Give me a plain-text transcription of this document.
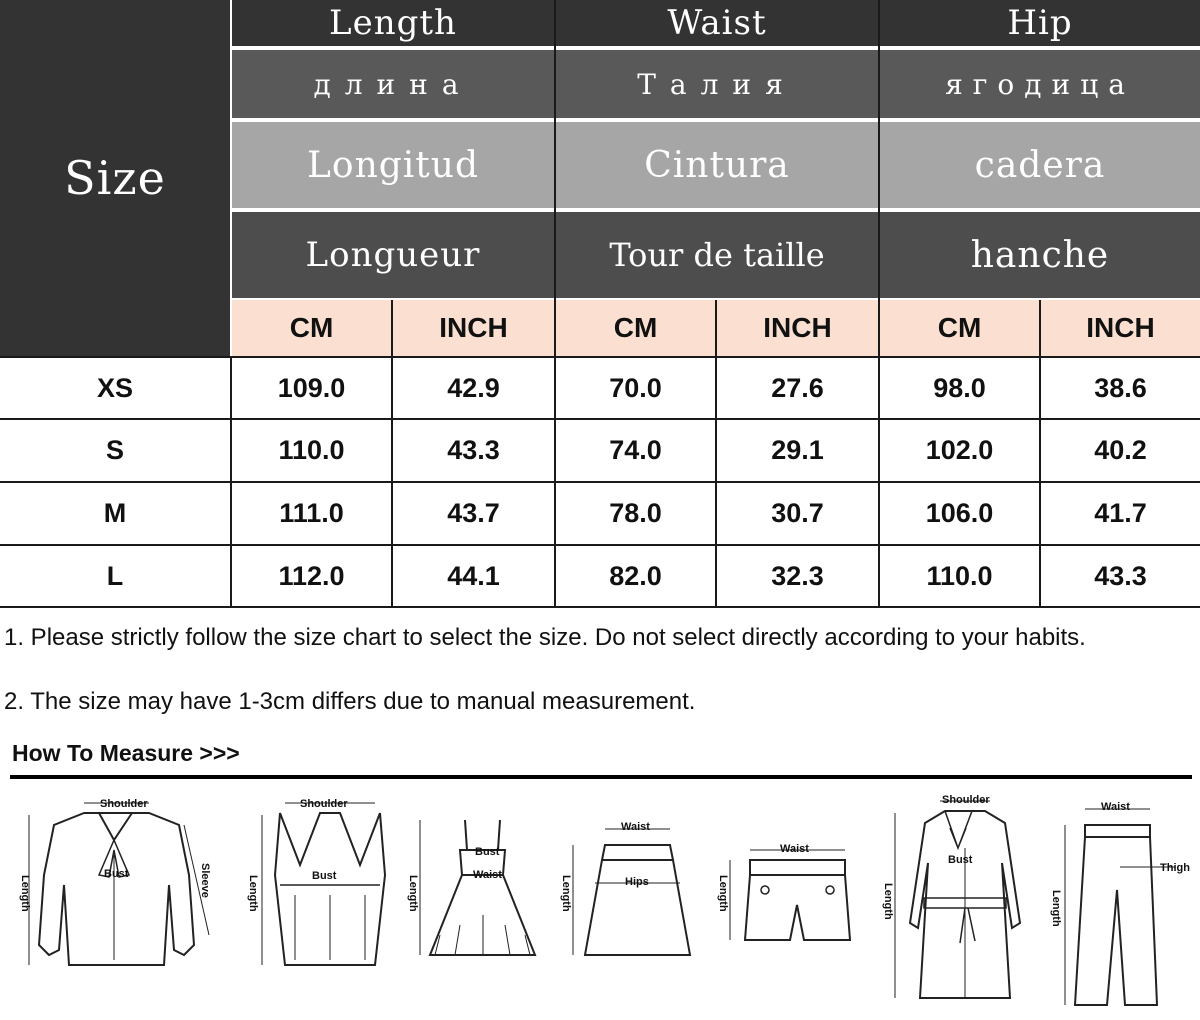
Size
Length	Waist	Hip
длина	Талия	ягодица
Longitud	Cintura	cadera
Longueur	Tour de taille	hanche
CM	INCH	CM	INCH	CM	INCH
XS	109.0	42.9	70.0	27.6	98.0	38.6
S	110.0	43.3	74.0	29.1	102.0	40.2
M	111.0	43.7	78.0	30.7	106.0	41.7
L	112.0	44.1	82.0	32.3	110.0	43.3
1. Please strictly follow the size chart to select the size. Do not select directly according to your habits.
2. The size may have 1-3cm differs due to manual measurement.
How To Measure >>>
Shoulder
Bust
Length	Sleeve
Shoulder
Bust
Length
Bust
Waist
Length
Waist
Hips
Length
Waist
Length
Shoulder
Bust
Length
Waist
Thigh
Length
